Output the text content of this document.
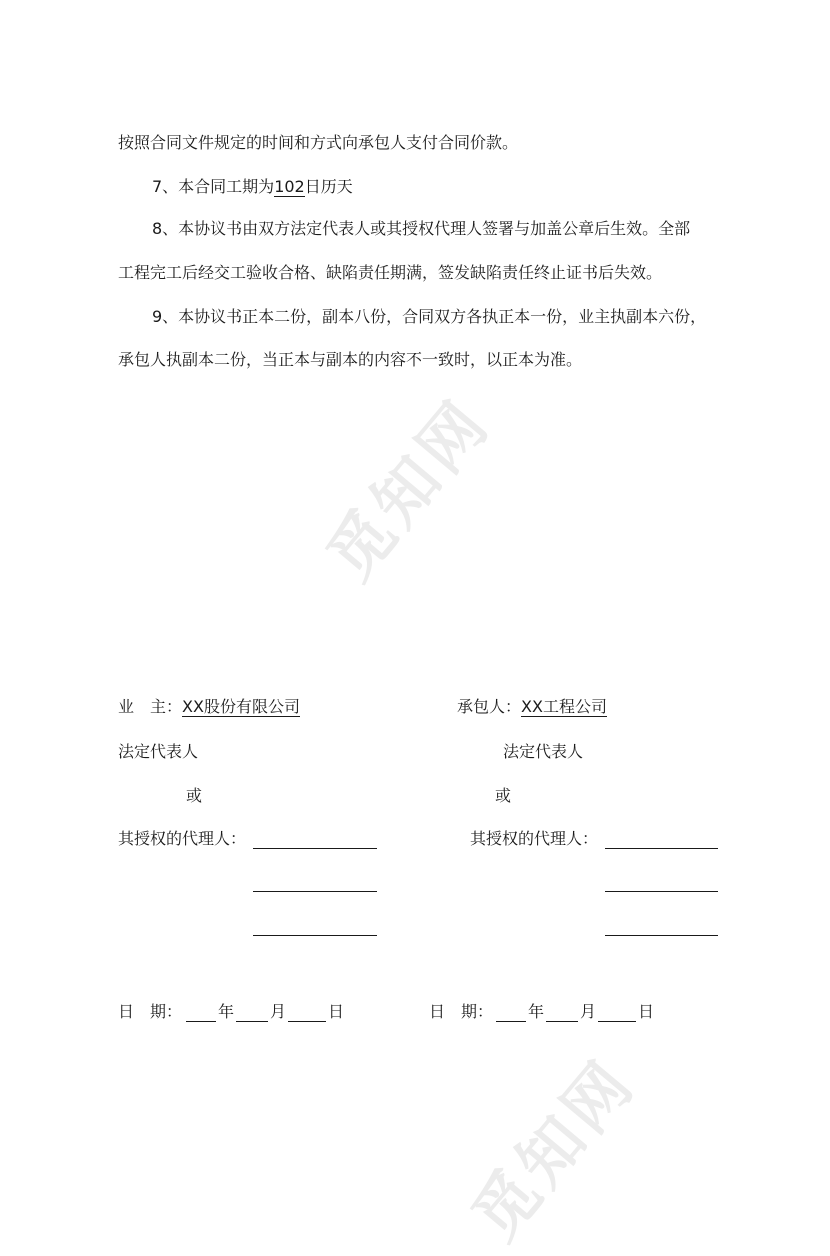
觅知网
觅知网
按照合同文件规定的时间和方式向承包人支付合同价款。
7、本合同工期为102日历天
8、本协议书由双方法定代表人或其授权代理人签署与加盖公章后生效。全部
工程完工后经交工验收合格、缺陷责任期满，签发缺陷责任终止证书后失效。
9、本协议书正本二份，副本八份，合同双方各执正本一份，业主执副本六份，
承包人执副本二份，当正本与副本的内容不一致时，以正本为准。
业　主：XX股份有限公司
法定代表人
或
其授权的代理人：
承包人：XX工程公司
法定代表人
或
其授权的代理人：
日　期： 年 月	日	日　期： 年 月	日
